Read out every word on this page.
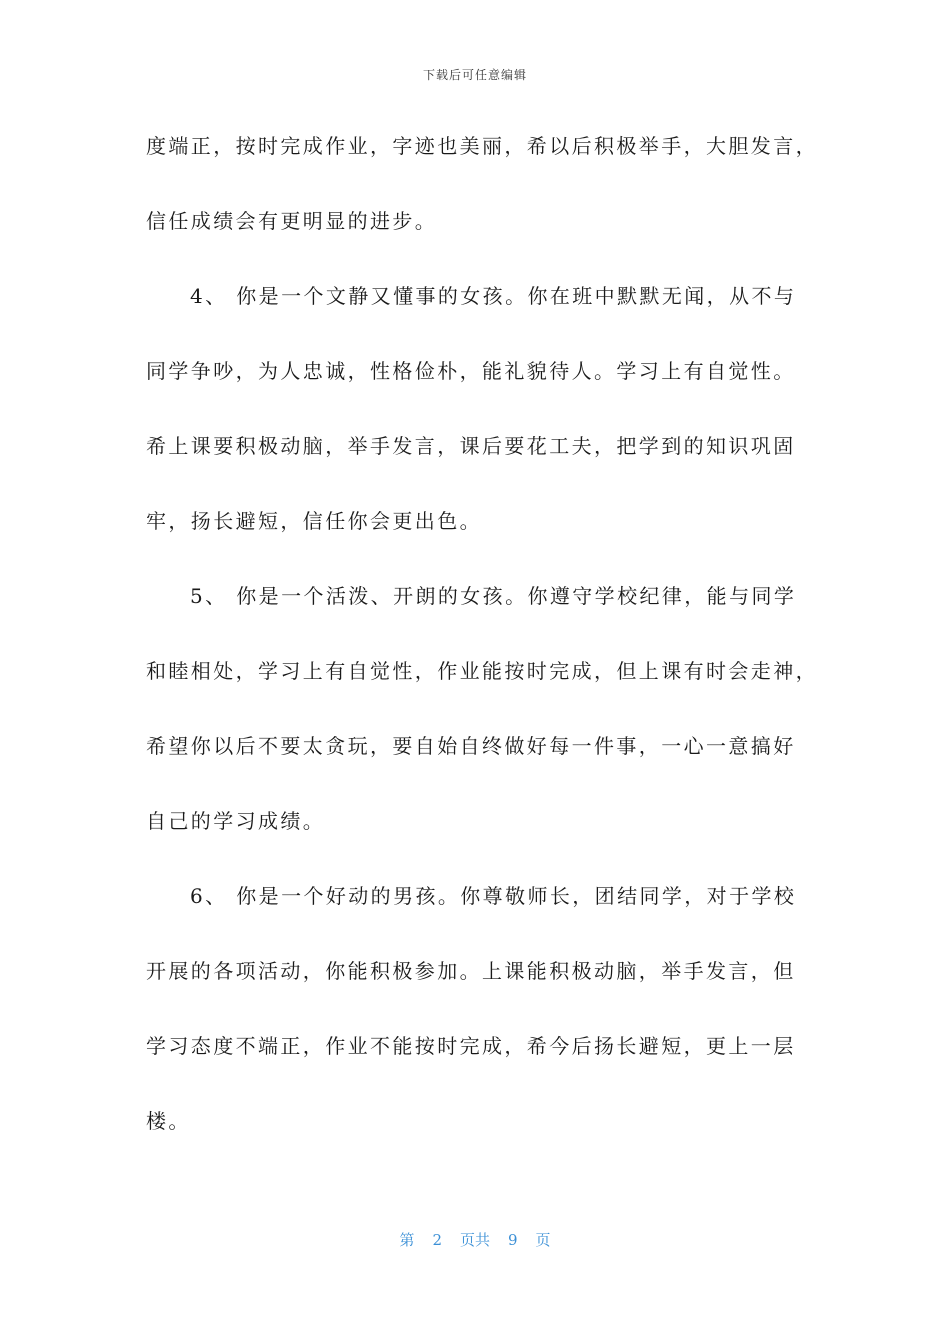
下载后可任意编辑
度端正，按时完成作业，字迹也美丽，希以后积极举手，大胆发言，
信任成绩会有更明显的进步。
4、 你是一个文静又懂事的女孩。你在班中默默无闻，从不与
同学争吵，为人忠诚，性格俭朴，能礼貌待人。学习上有自觉性。
希上课要积极动脑，举手发言，课后要花工夫，把学到的知识巩固
牢，扬长避短，信任你会更出色。
5、 你是一个活泼、开朗的女孩。你遵守学校纪律，能与同学
和睦相处，学习上有自觉性，作业能按时完成，但上课有时会走神，
希望你以后不要太贪玩，要自始自终做好每一件事，一心一意搞好
自己的学习成绩。
6、 你是一个好动的男孩。你尊敬师长，团结同学，对于学校
开展的各项活动，你能积极参加。上课能积极动脑，举手发言，但
学习态度不端正，作业不能按时完成，希今后扬长避短，更上一层
楼。
第 2 页共 9 页
